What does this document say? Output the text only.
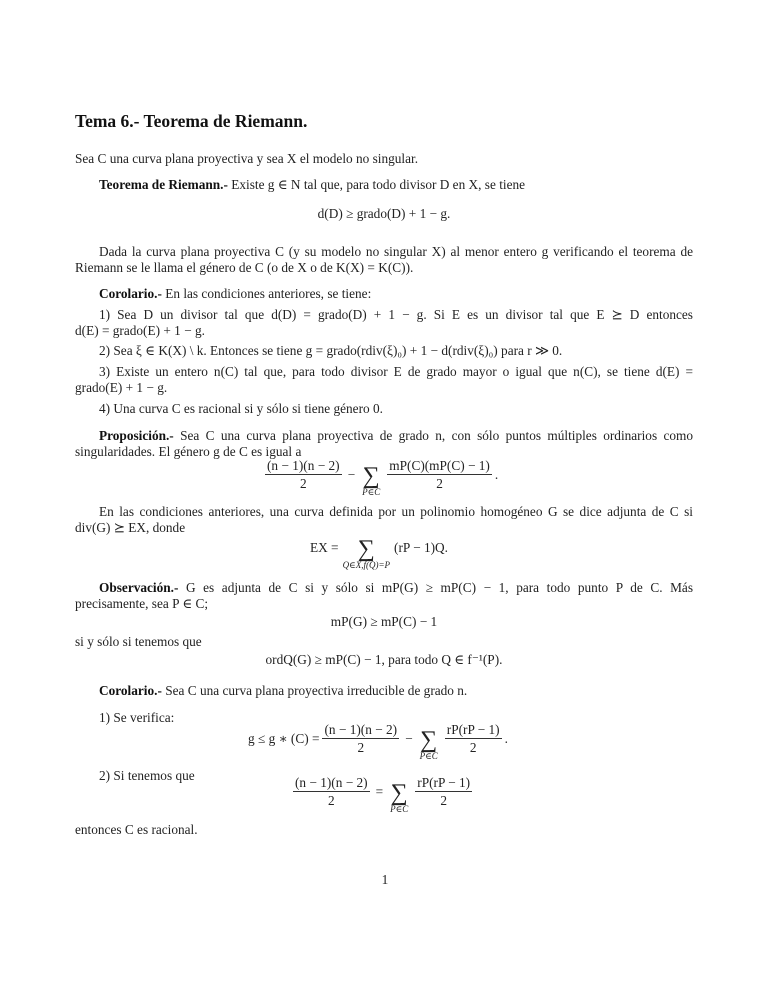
Tema 6.- Teorema de Riemann.
Sea C una curva plana proyectiva y sea X el modelo no singular.
Teorema de Riemann.- Existe g ∈ N tal que, para todo divisor D en X, se tiene
d(D) ≥ grado(D) + 1 − g.
Dada la curva plana proyectiva C (y su modelo no singular X) al menor entero g verificando el teorema de
Riemann se le llama el género de C (o de X o de K(X) = K(C)).
Corolario.- En las condiciones anteriores, se tiene:
1) Sea D un divisor tal que d(D) = grado(D) + 1 − g. Si E es un divisor tal que E ⪰ D entonces
d(E) = grado(E) + 1 − g.
2) Sea ξ ∈ K(X) \ k. Entonces se tiene g = grado(rdiv(ξ)₀) + 1 − d(rdiv(ξ)₀) para r ≫ 0.
3) Existe un entero n(C) tal que, para todo divisor E de grado mayor o igual que n(C), se tiene d(E) =
grado(E) + 1 − g.
4) Una curva C es racional si y sólo si tiene género 0.
Proposición.- Sea C una curva plana proyectiva de grado n, con sólo puntos múltiples ordinarios como
singularidades. El género g de C es igual a
$\frac{(n - 1)(n - 2)}{2}$ − ∑
P∈C
$\frac{mP(C)(mP(C) - 1)}{2}$ .
En las condiciones anteriores, una curva definida por un polinomio homogéneo G se dice adjunta de C si
div(G) ⪰ EX, donde
EX = ∑
Q∈X,f(Q)=P
(rP − 1)Q.
Observación.- G es adjunta de C si y sólo si mP(G) ≥ mP(C) − 1, para todo punto P de C. Más
precisamente, sea P ∈ C;
mP(G) ≥ mP(C) − 1
si y sólo si tenemos que
ordQ(G) ≥ mP(C) − 1, para todo Q ∈ f⁻¹(P).
Corolario.- Sea C una curva plana proyectiva irreducible de grado n.
1) Se verifica:
g ≤ g ∗ $(C) = \frac{(n - 1)(n - 2)}{2}$ − ∑
P∈C
$\frac{rP(rP - 1)}{2}$ .
2) Si tenemos que	$\frac{(n - 1)(n - 2)}{2}$ = ∑
P∈C
$\frac{rP(rP - 1)}{2}$
entonces C es racional.
1
